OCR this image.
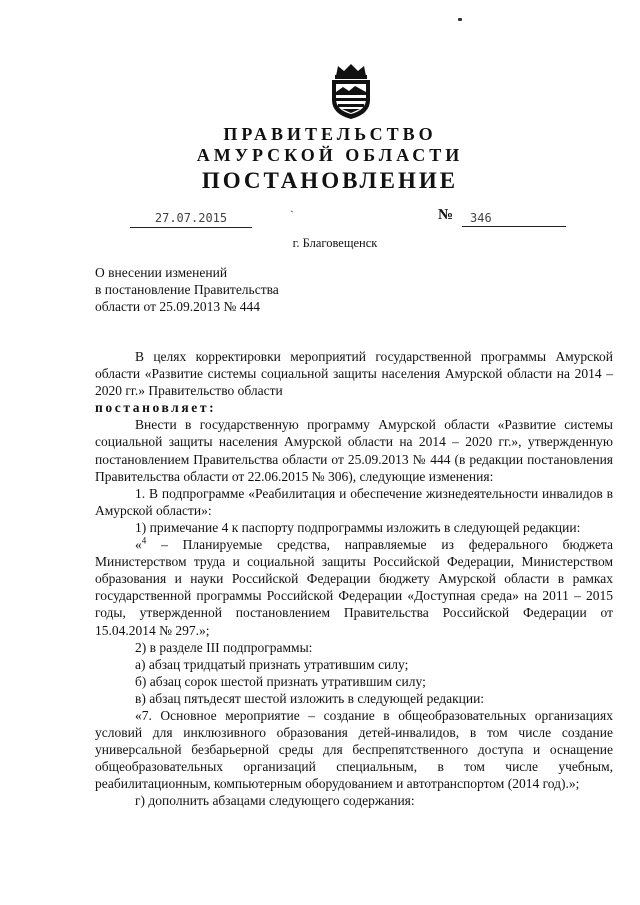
ПРАВИТЕЛЬСТВО
АМУРСКОЙ ОБЛАСТИ
ПОСТАНОВЛЕНИЕ
27.07.2015	`	№	346
г. Благовещенск
О внесении изменений
в постановление Правительства
области от 25.09.2013 № 444

В целях корректировки мероприятий государственной программы Амурской области «Развитие системы социальной защиты населения Амурской области на 2014 – 2020 гг.» Правительство области

постановляет:

Внести в государственную программу Амурской области «Развитие системы социальной защиты населения Амурской области на 2014 – 2020 гг.», утвержденную постановлением Правительства области от 25.09.2013 № 444 (в редакции постановления Правительства области от 22.06.2015 № 306), следующие изменения:

1. В подпрограмме «Реабилитация и обеспечение жизнедеятельности инвалидов в Амурской области»:

1) примечание 4 к паспорту подпрограммы изложить в следующей редакции:

«$^4$ – Планируемые средства, направляемые из федерального бюджета Министерством труда и социальной защиты Российской Федерации, Министерством образования и науки Российской Федерации бюджету Амурской области в рамках государственной программы Российской Федерации «Доступная среда» на 2011 – 2015 годы, утвержденной постановлением Правительства Российской Федерации от 15.04.2014 № 297.»;

2) в разделе III подпрограммы:

а) абзац тридцатый признать утратившим силу;

б) абзац сорок шестой признать утратившим силу;

в) абзац пятьдесят шестой изложить в следующей редакции:

«7. Основное мероприятие – создание в общеобразовательных организациях условий для инклюзивного образования детей-инвалидов, в том числе создание универсальной безбарьерной среды для беспрепятственного доступа и оснащение общеобразовательных организаций специальным, в том числе учебным, реабилитационным, компьютерным оборудованием и автотранспортом (2014 год).»;

г) дополнить абзацами следующего содержания:
